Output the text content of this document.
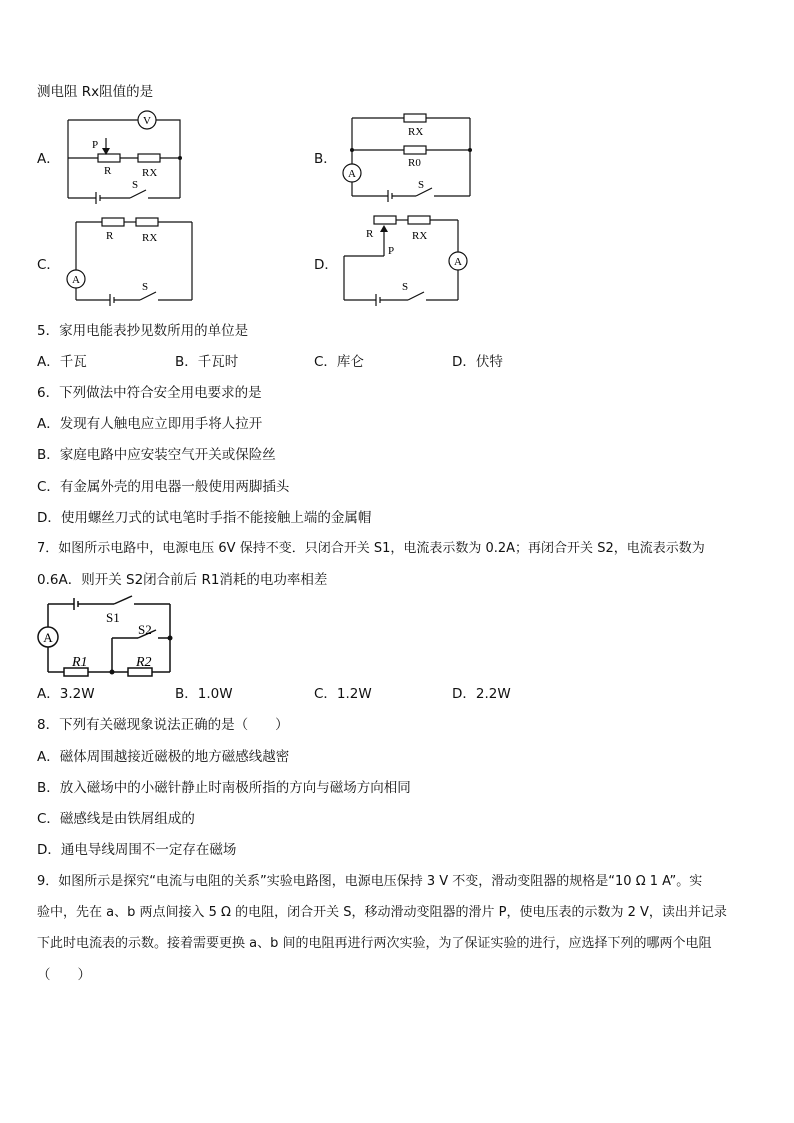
测电阻 Rx阻值的是
A．
V
P
R	RX
S
B．
A
RX
R0
S
C．
A
R	RX
S
D．	A
R
P
RX
S
5．家用电能表抄见数所用的单位是
A．千瓦	B．千瓦时	C．库仑	D．伏特
6．下列做法中符合安全用电要求的是
A．发现有人触电应立即用手将人拉开
B．家庭电路中应安装空气开关或保险丝
C．有金属外壳的用电器一般使用两脚插头
D．使用螺丝刀式的试电笔时手指不能接触上端的金属帽
7．如图所示电路中，电源电压 6V 保持不变．只闭合开关 S1，电流表示数为 0.2A；再闭合开关 S2，电流表示数为
0.6A．则开关 S2闭合前后 R1消耗的电功率相差
A
S1
S2
R1	R2
A．3.2W	B．1.0W	C．1.2W	D．2.2W
8．下列有关磁现象说法正确的是（　　）
A．磁体周围越接近磁极的地方磁感线越密
B．放入磁场中的小磁针静止时南极所指的方向与磁场方向相同
C．磁感线是由铁屑组成的
D．通电导线周围不一定存在磁场
9．如图所示是探究“电流与电阻的关系”实验电路图，电源电压保持 3 V 不变，滑动变阻器的规格是“10 Ω 1 A”。实
验中，先在 a、b 两点间接入 5 Ω 的电阻，闭合开关 S，移动滑动变阻器的滑片 P，使电压表的示数为 2 V，读出并记录
下此时电流表的示数。接着需要更换 a、b 间的电阻再进行两次实验，为了保证实验的进行，应选择下列的哪两个电阻
（　　）
